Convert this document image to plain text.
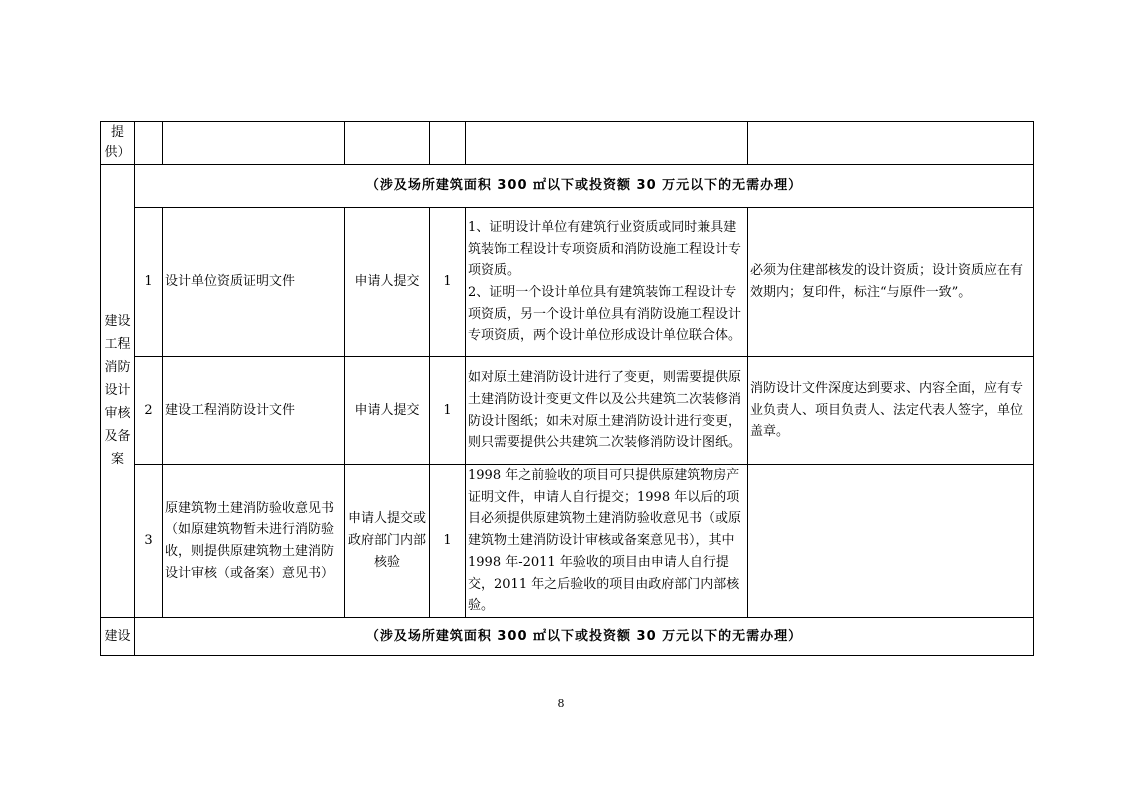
提供）						
建设工程消防设计审核及备案	（涉及场所建筑面积 300 ㎡以下或投资额 30 万元以下的无需办理）					
	1	设计单位资质证明文件	申请人提交	1	1、证明设计单位有建筑行业资质或同时兼具建筑装饰工程设计专项资质和消防设施工程设计专项资质。
2、证明一个设计单位具有建筑装饰工程设计专项资质，另一个设计单位具有消防设施工程设计专项资质，两个设计单位形成设计单位联合体。	必须为住建部核发的设计资质；设计资质应在有效期内；复印件，标注“与原件一致”。
	2	建设工程消防设计文件	申请人提交	1	如对原土建消防设计进行了变更，则需要提供原土建消防设计变更文件以及公共建筑二次装修消防设计图纸；如未对原土建消防设计进行变更，则只需要提供公共建筑二次装修消防设计图纸。	消防设计文件深度达到要求、内容全面，应有专业负责人、项目负责人、法定代表人签字，单位盖章。
	3	原建筑物土建消防验收意见书（如原建筑物暂未进行消防验收，则提供原建筑物土建消防设计审核（或备案）意见书）	申请人提交或政府部门内部核验	1	1998 年之前验收的项目可只提供原建筑物房产证明文件，申请人自行提交；1998 年以后的项目必须提供原建筑物土建消防验收意见书（或原建筑物土建消防设计审核或备案意见书），其中 1998 年-2011 年验收的项目由申请人自行提交，2011 年之后验收的项目由政府部门内部核验。	
建设	（涉及场所建筑面积 300 ㎡以下或投资额 30 万元以下的无需办理）					
8
